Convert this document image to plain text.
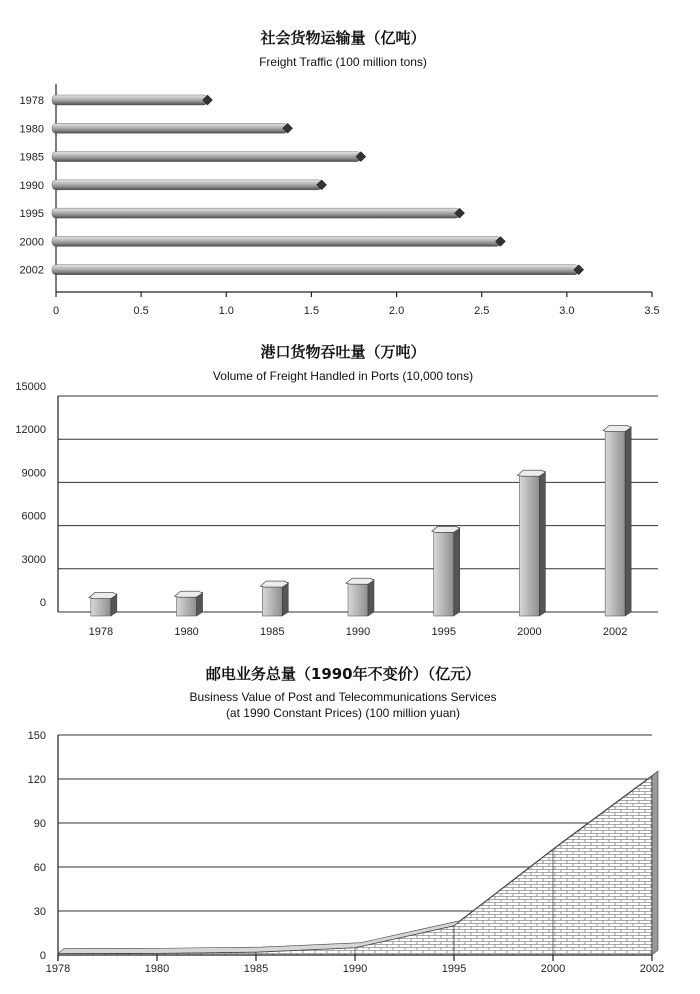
社会货物运输量（亿吨）
Freight Traffic (100 million tons)
1978
1980
1985
1990
1995
2000
2002
0	0.5	1.0	1.5	2.0	2.5	3.0	3.5
港口货物吞吐量（万吨）
Volume of Freight Handled in Ports (10,000 tons)
0
3000
6000
9000
12000
15000
1978	1980	1985	1990	1995	2000	2002
邮电业务总量（1990年不变价）（亿元）
Business Value of Post and Telecommunications Services
(at 1990 Constant Prices) (100 million yuan)
0
30
60
90
120
150
1978	1980	1985	1990	1995	2000	2002
